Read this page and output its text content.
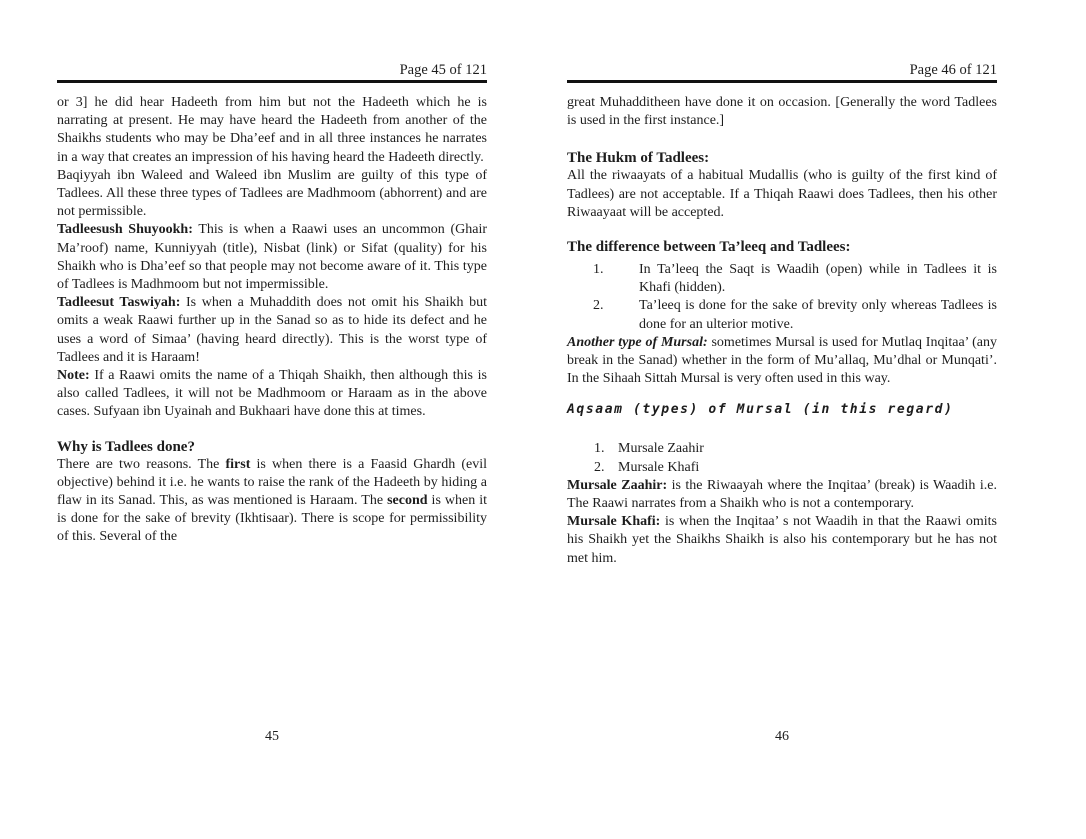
Page 45 of 121

or 3] he did hear Hadeeth from him but not the Hadeeth which he is narrating at present. He may have heard the Hadeeth from another of the Shaikhs students who may be Dha’eef and in all three instances he narrates in a way that creates an impression of his having heard the Hadeeth directly.

Baqiyyah ibn Waleed and Waleed ibn Muslim are guilty of this type of Tadlees. All these three types of Tadlees are Madhmoom (abhorrent) and are not permissible.

Tadleesush Shuyookh: This is when a Raawi uses an uncommon (Ghair Ma’roof) name, Kunniyyah (title), Nisbat (link) or Sifat (quality) for his Shaikh who is Dha’eef so that people may not become aware of it. This type of Tadlees is Madhmoom but not impermissible.

Tadleesut Taswiyah: Is when a Muhaddith does not omit his Shaikh but omits a weak Raawi further up in the Sanad so as to hide its defect and he uses a word of Simaa’ (having heard directly). This is the worst type of Tadlees and it is Haraam!

Note: If a Raawi omits the name of a Thiqah Shaikh, then although this is also called Tadlees, it will not be Madhmoom or Haraam as in the above cases. Sufyaan ibn Uyainah and Bukhaari have done this at times.

Why is Tadlees done?

There are two reasons. The first is when there is a Faasid Ghardh (evil objective) behind it i.e. he wants to raise the rank of the Hadeeth by hiding a flaw in its Sanad. This, as was mentioned is Haraam. The second is when it is done for the sake of brevity (Ikhtisaar). There is scope for permissibility of this. Several of the

45
Page 46 of 121

great Muhadditheen have done it on occasion. [Generally the word Tadlees is used in the first instance.]

The Hukm of Tadlees:

All the riwaayats of a habitual Mudallis (who is guilty of the first kind of Tadlees) are not acceptable. If a Thiqah Raawi does Tadlees, then his other Riwaayaat will be accepted.

The difference between Ta’leeq and Tadlees:
1.	In Ta’leeq the Saqt is Waadih (open) while in Tadlees it is Khafi (hidden).
2.	Ta’leeq is done for the sake of brevity only whereas Tadlees is done for an ulterior motive.

Another type of Mursal: sometimes Mursal is used for Mutlaq Inqitaa’ (any break in the Sanad) whether in the form of Mu’allaq, Mu’dhal or Munqati’. In the Sihaah Sittah Mursal is very often used in this way.

Aqsaam (types) of Mursal (in this regard)
1. Mursale Zaahir
2. Mursale Khafi

Mursale Zaahir: is the Riwaayah where the Inqitaa’ (break) is Waadih i.e. The Raawi narrates from a Shaikh who is not a contemporary.

Mursale Khafi: is when the Inqitaa’ s not Waadih in that the Raawi omits his Shaikh yet the Shaikhs Shaikh is also his contemporary but he has not met him.

46
